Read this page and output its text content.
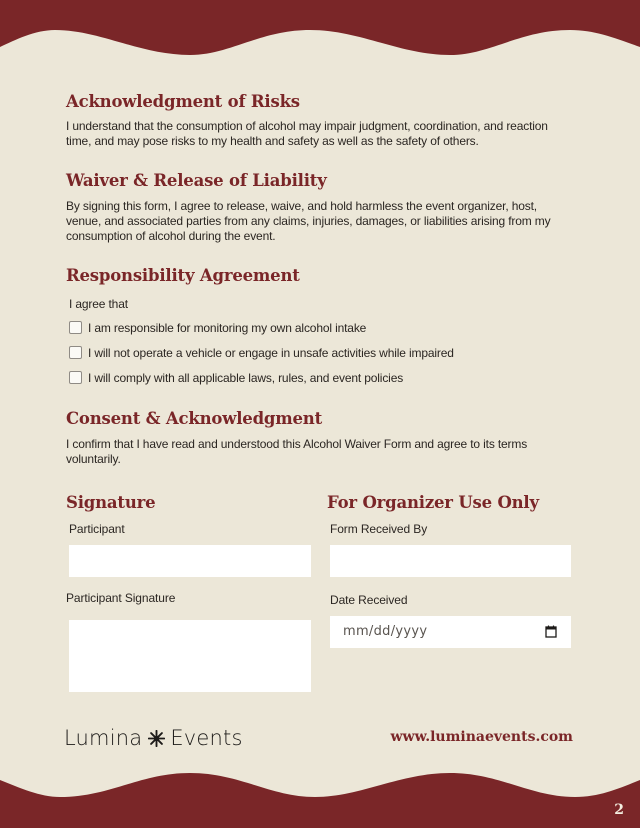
Acknowledgment of Risks

I understand that the consumption of alcohol may impair judgment, coordination, and reaction time, and may pose risks to my health and safety as well as the safety of others.

Waiver & Release of Liability

By signing this form, I agree to release, waive, and hold harmless the event organizer, host, venue, and associated parties from any claims, injuries, damages, or liabilities arising from my consumption of alcohol during the event.

Responsibility Agreement
I agree that
I am responsible for monitoring my own alcohol intake
I will not operate a vehicle or engage in unsafe activities while impaired
I will comply with all applicable laws, rules, and event policies
Consent & Acknowledgment

I confirm that I have read and understood this Alcohol Waiver Form and agree to its terms voluntarily.

Signature
Participant
Participant Signature
For Organizer Use Only
Form Received By
Date Received
mm/dd/yyyy
Lumina Events	www.luminaevents.com
2
